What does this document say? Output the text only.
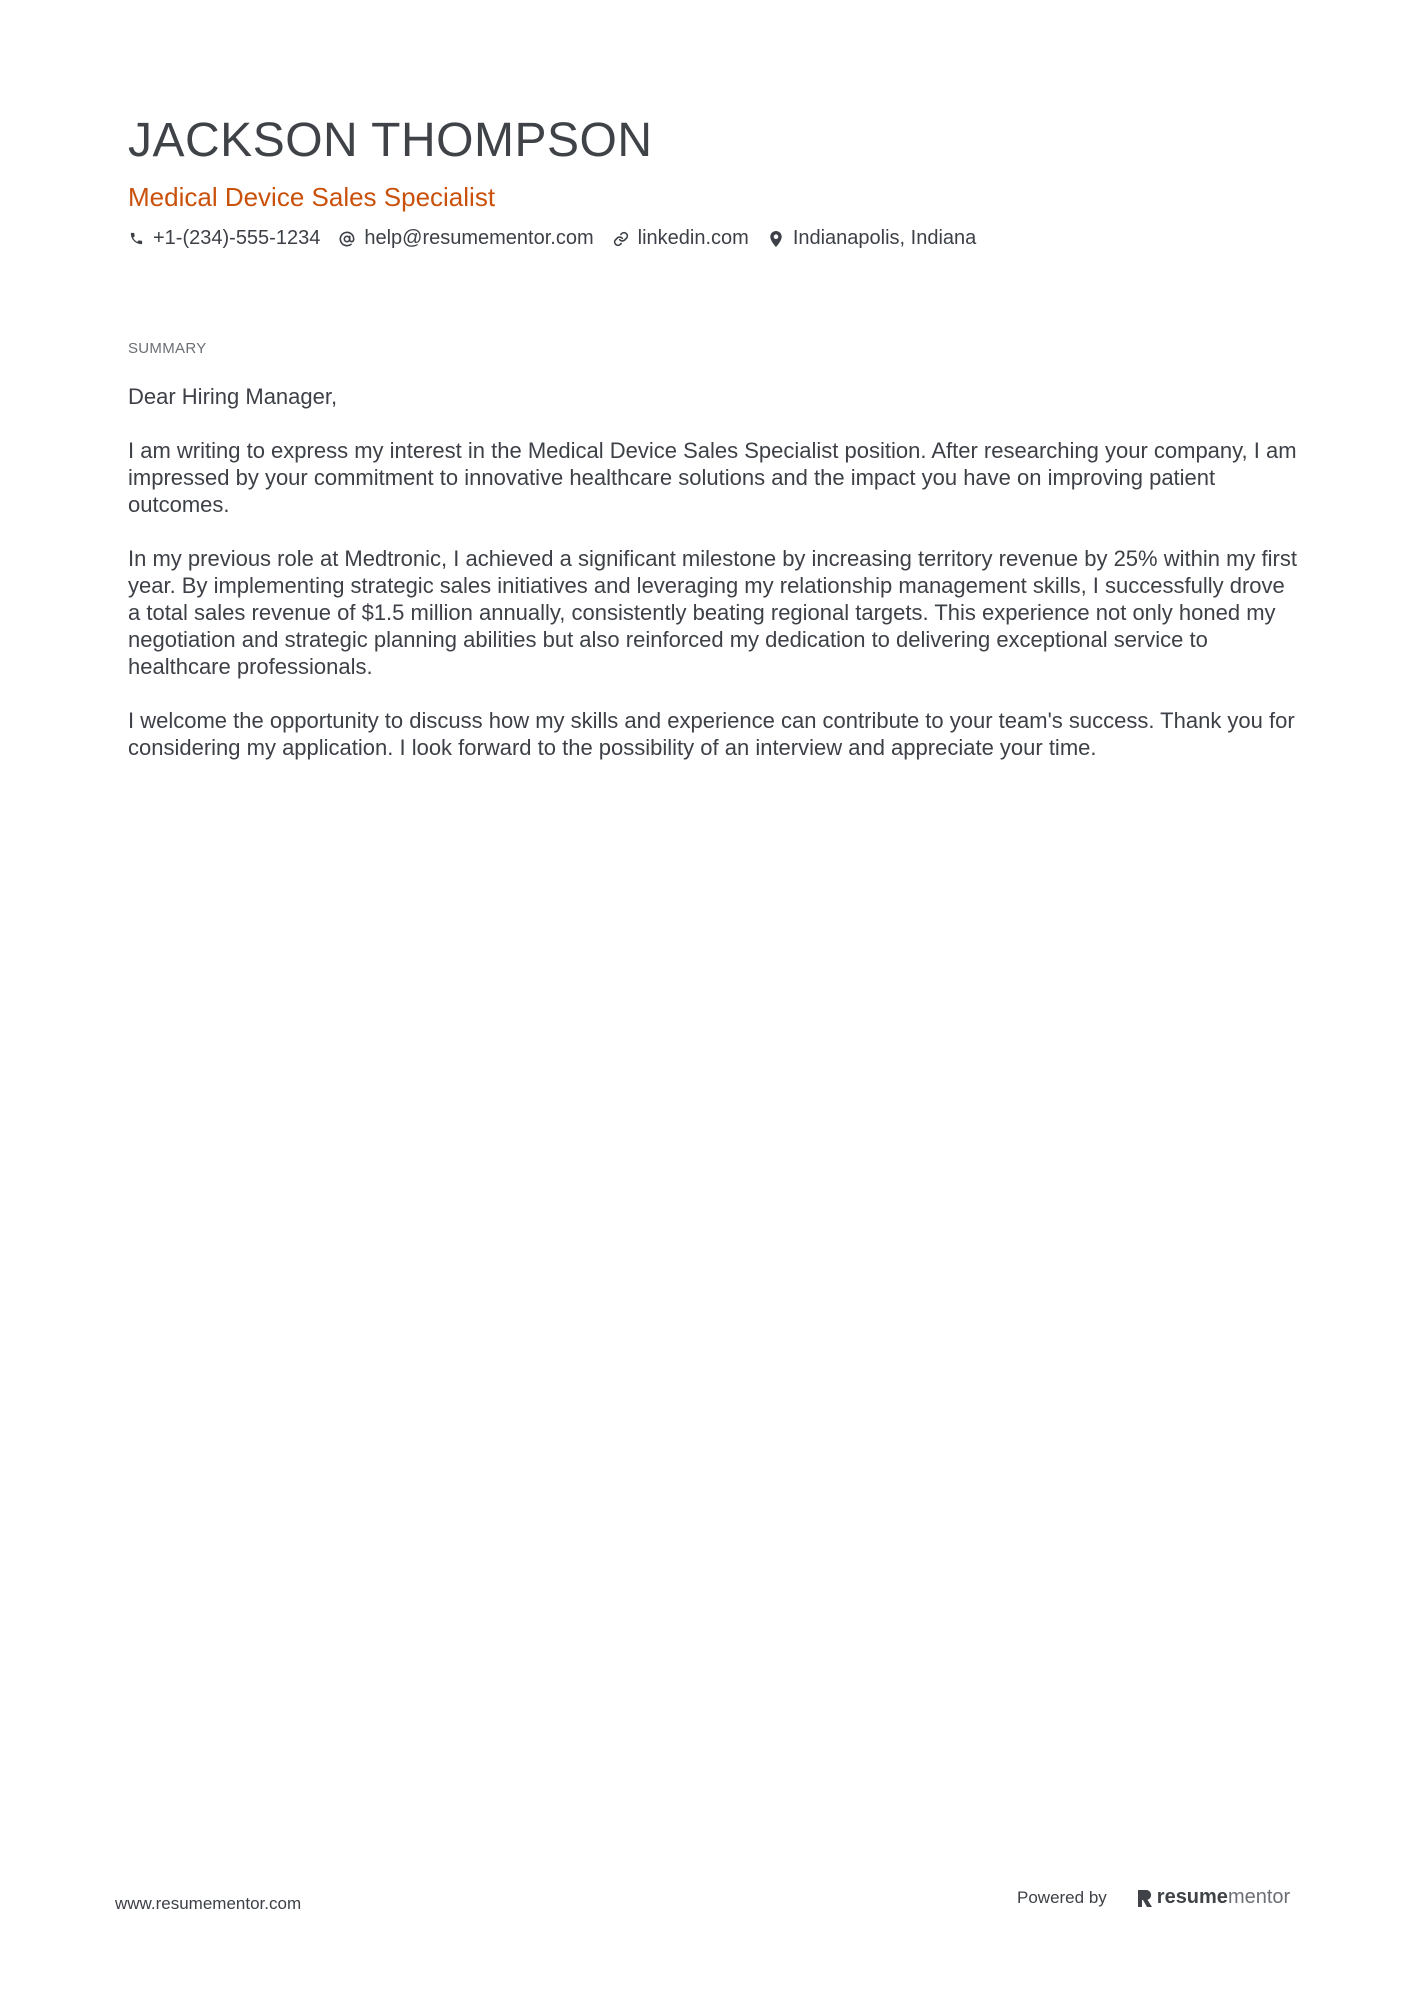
JACKSON THOMPSON
Medical Device Sales Specialist
+1-(234)-555-1234 help@resumementor.com linkedin.com Indianapolis, Indiana
SUMMARY

Dear Hiring Manager,

I am writing to express my interest in the Medical Device Sales Specialist position. After researching your company, I am impressed by your commitment to innovative healthcare solutions and the impact you have on improving patient outcomes.

In my previous role at Medtronic, I achieved a significant milestone by increasing territory revenue by 25% within my first year. By implementing strategic sales initiatives and leveraging my relationship management skills, I successfully drove a total sales revenue of $1.5 million annually, consistently beating regional targets. This experience not only honed my negotiation and strategic planning abilities but also reinforced my dedication to delivering exceptional service to healthcare professionals.

I welcome the opportunity to discuss how my skills and experience can contribute to your team's success. Thank you for considering my application. I look forward to the possibility of an interview and appreciate your time.

www.resumementor.com	Powered by	resume mentor
